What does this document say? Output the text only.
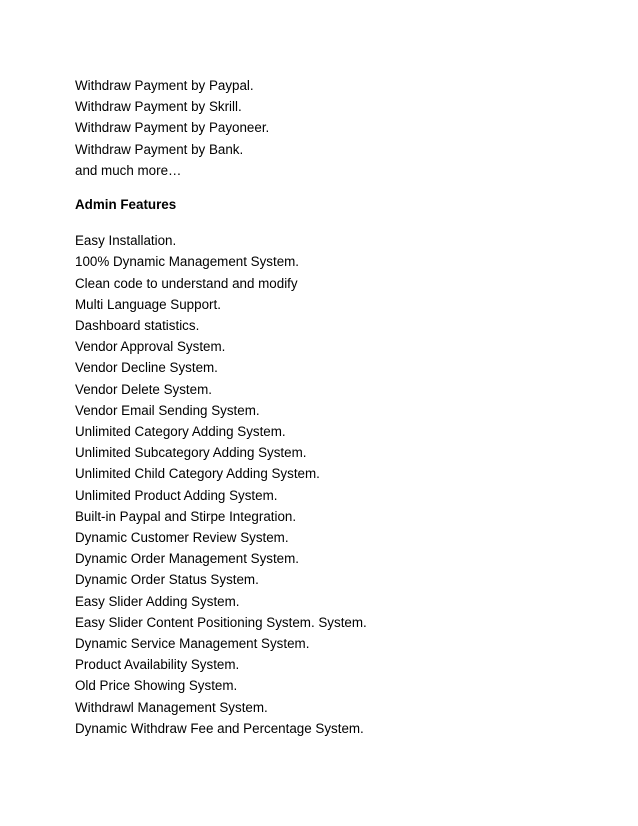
Withdraw Payment by Paypal.

Withdraw Payment by Skrill.

Withdraw Payment by Payoneer.

Withdraw Payment by Bank.

and much more…

Admin Features

Easy Installation.

100% Dynamic Management System.

Clean code to understand and modify

Multi Language Support.

Dashboard statistics.

Vendor Approval System.

Vendor Decline System.

Vendor Delete System.

Vendor Email Sending System.

Unlimited Category Adding System.

Unlimited Subcategory Adding System.

Unlimited Child Category Adding System.

Unlimited Product Adding System.

Built-in Paypal and Stirpe Integration.

Dynamic Customer Review System.

Dynamic Order Management System.

Dynamic Order Status System.

Easy Slider Adding System.

Easy Slider Content Positioning System. System.

Dynamic Service Management System.

Product Availability System.

Old Price Showing System.

Withdrawl Management System.

Dynamic Withdraw Fee and Percentage System.
